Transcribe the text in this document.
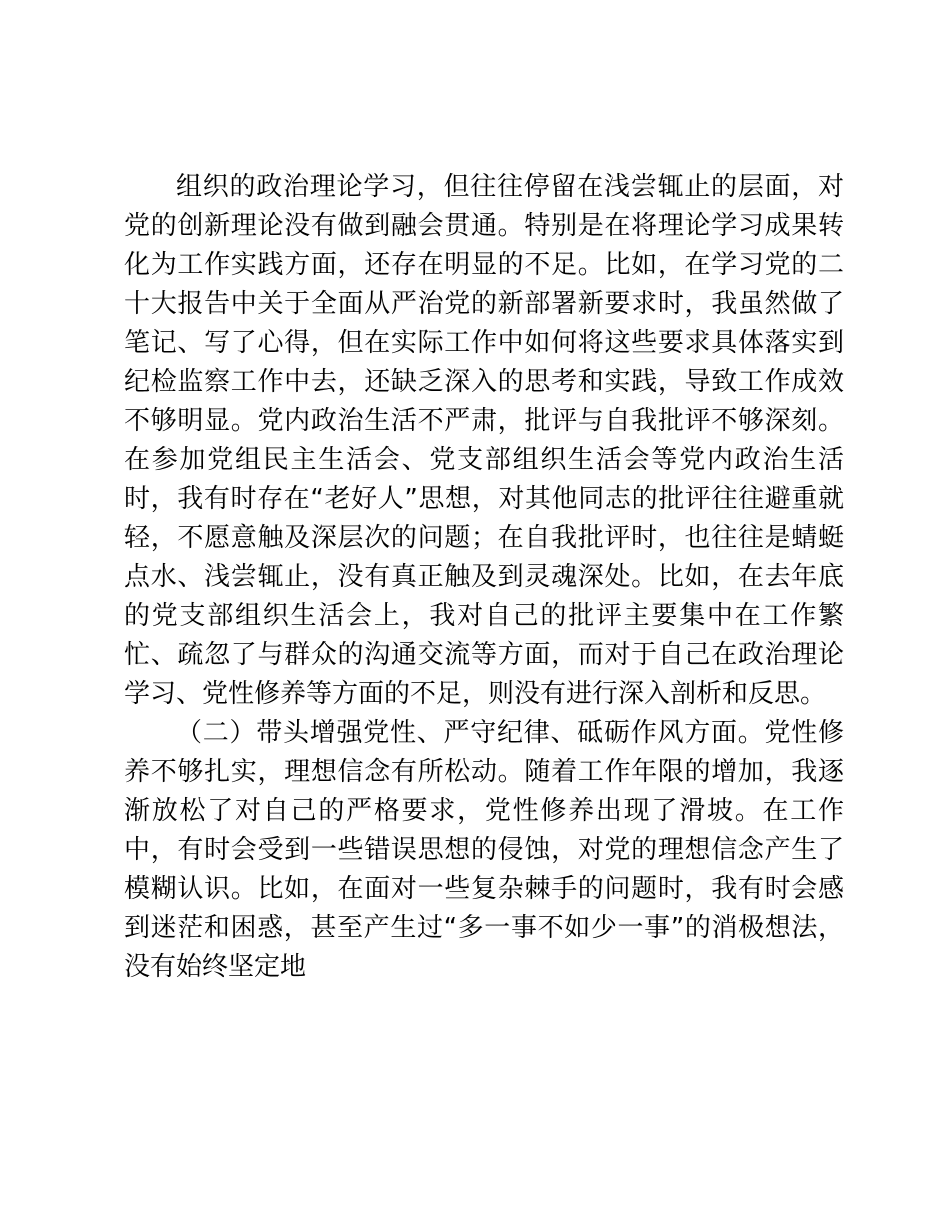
组织的政治理论学习，但往往停留在浅尝辄止的层面，对党的创新理论没有做到融会贯通。特别是在将理论学习成果转化为工作实践方面，还存在明显的不足。比如，在学习党的二十大报告中关于全面从严治党的新部署新要求时，我虽然做了笔记、写了心得，但在实际工作中如何将这些要求具体落实到纪检监察工作中去，还缺乏深入的思考和实践，导致工作成效不够明显。党内政治生活不严肃，批评与自我批评不够深刻。在参加党组民主生活会、党支部组织生活会等党内政治生活时，我有时存在“老好人”思想，对其他同志的批评往往避重就轻，不愿意触及深层次的问题；在自我批评时，也往往是蜻蜓点水、浅尝辄止，没有真正触及到灵魂深处。比如，在去年底的党支部组织生活会上，我对自己的批评主要集中在工作繁忙、疏忽了与群众的沟通交流等方面，而对于自己在政治理论学习、党性修养等方面的不足，则没有进行深入剖析和反思。

（二）带头增强党性、严守纪律、砥砺作风方面。党性修养不够扎实，理想信念有所松动。随着工作年限的增加，我逐渐放松了对自己的严格要求，党性修养出现了滑坡。在工作中，有时会受到一些错误思想的侵蚀，对党的理想信念产生了模糊认识。比如，在面对一些复杂棘手的问题时，我有时会感到迷茫和困惑，甚至产生过“多一事不如少一事”的消极想法，没有始终坚定地
